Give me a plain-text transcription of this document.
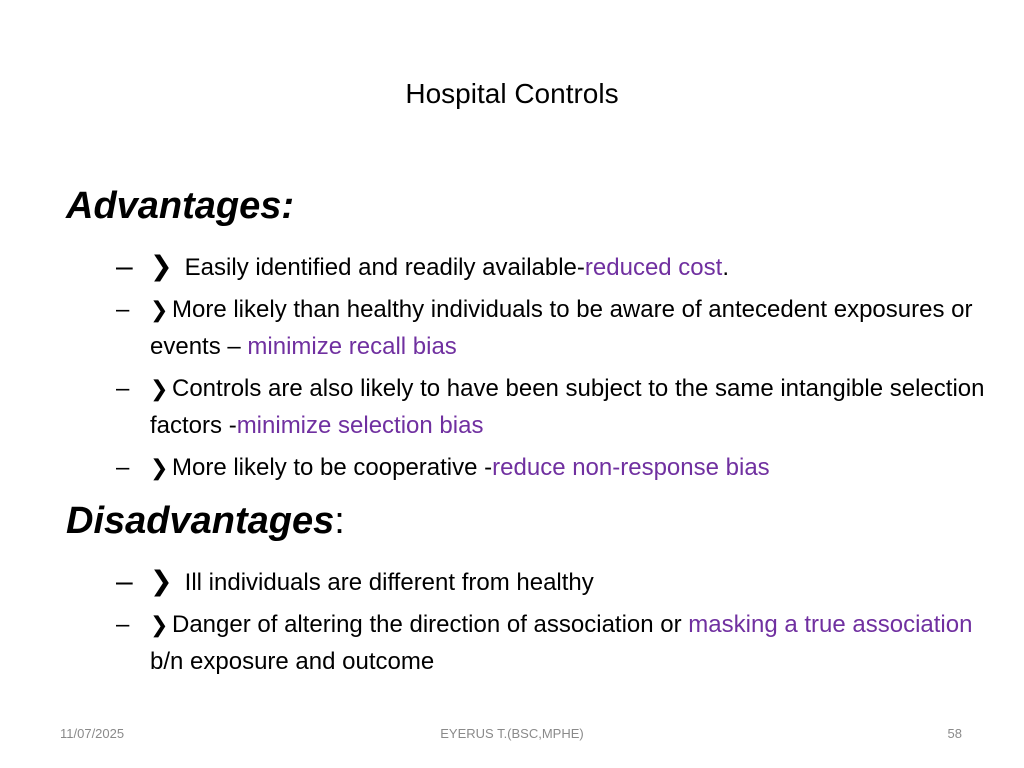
Hospital Controls
Advantages:
– ❯ Easily identified and readily available-reduced cost.
– ❯ More likely than healthy individuals to be aware of antecedent exposures or events – minimize recall bias
– ❯ Controls are also likely to have been subject to the same intangible selection factors -minimize selection bias
– ❯ More likely to be cooperative -reduce non-response bias
Disadvantages:
– ❯ Ill individuals are different from healthy
– ❯ Danger of altering the direction of association or masking a true association b/n exposure and outcome
11/07/2025	EYERUS T.(BSC,MPHE)	58
